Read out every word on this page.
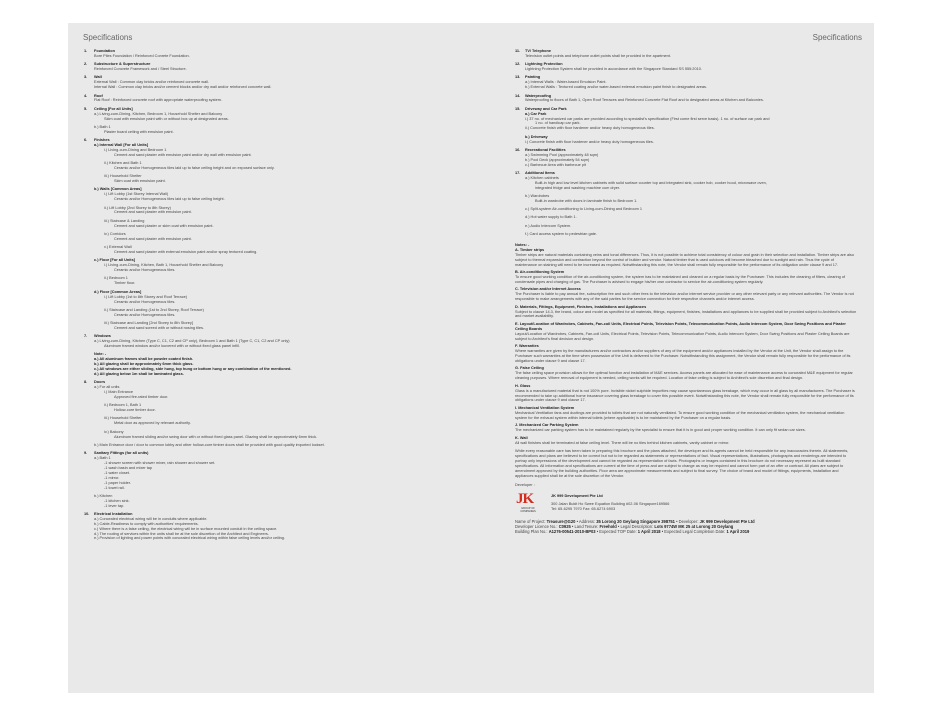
Specifications	Specifications
1. Foundation
Bore Piles Foundation / Reinforced Conrete Foundation.
2. Substructure & Superstructure
Reinforced Concrete Framework and / Steel Structure.
3. Wall
External Wall : Common clay bricks and/or reinforced concrete wall.
Internal Wall : Common clay bricks and/or cement blocks and/or dry wall and/or reinforced concrete wall.
4. Roof
Flat Roof : Reinforced concrete roof with appropriate waterproofing system.
5. Ceiling [For all Units]
a.) Living-cum-Dining, Kitchen, Bedroom 1, Household Shelter and Balcony
Skim coat with emulsion paint with or without box up at designated areas.
b.) Bath 1
Plaster board ceiling with emulsion paint.
6. Finishes
a.) Internal Wall [For all Units]
i.) Living-cum-Dining and Bedroom 1
Cement and sand plaster with emulsion paint and/or dry wall with emulsion paint.
ii.) Kitchen and Bath 1
Ceramic and/or Homogeneous tiles laid up to false ceiling height and on exposed surface only.
iii.) Household Shelter
Skim coat with emulsion paint.
b.) Walls [Common Areas]
i.) Lift Lobby (1st Storey Internal Wall)
Ceramic and/or Homogeneous tiles laid up to false ceiling height.
ii.) Lift Lobby (2nd Storey to 8th Storey)
Cement and sand plaster with emulsion paint.
iii.) Staircase & Landing
Cement and sand plaster or skim coat with emulsion paint.
iv.) Corridors
Cement and sand plaster with emulsion paint.
v.) External Wall
Cement and sand plaster with external emulsion paint and/or spray textured coating.
c.) Floor [For all Units]
i.) Living-cum-Dining, Kitchen, Bath 1, Household Shelter and Balcony
Ceramic and/or Homogeneous tiles.
ii.) Bedroom 1
Timber floor.
d.) Floor [Common Areas]
i.) Lift Lobby (1st to 8th Storey and Roof Terrace)
Ceramic and/or Homogeneous tiles.
ii.) Staircase and Landing (1st to 2nd Storey, Roof Terrace)
Ceramic and/or Homogeneous tiles.
iii.) Staircase and Landing [2nd Storey to 8th Storey]
Cement and sand screed with or without nosing tiles.
7. Windows
a.) Living-cum-Dining, Kitchen (Type C, C1, C2 and CP only), Bedroom 1 and Bath 1 (Type C, C1, C2 and CP only)
Aluminum framed window and/or louvered with or without fixed glass panel infill.
Note: -
a.) All aluminum frames shall be powder coated finish.
b.) All glazing shall be approximately 6mm thick glass.
c.) All windows are either sliding, side hung, top hung or bottom hung or any combination of the mentioned.
d.) All glazing below 1m shall be laminated glass.
8. Doors
a.) For all units
i.) Main Entrance
Approved fire-rated timber door.
ii.) Bedroom 1, Bath 1
Hollow-core timber door.
iii.) Household Shelter
Metal door as approved by relevant authority.
iv.) Balcony
Aluminum framed sliding and/or swing door with or without fixed glass panel. Glazing shall be approximately 6mm thick.
b.) Main Entrance door / door to common lobby and other hollow-core timber doors shall be provided with good quality imported lockset.
9. Sanitary Fittings (for all units)
a.) Bath 1
-1 shower screen with shower mixer, rain shower and shower set.
-1 wash basin and mixer tap
-1 water closet.
-1 mirror.
-1 paper holder.
-1 towel rail.
b.) Kitchen
-1 kitchen sink.
-1 lever tap.
10. Electrical Installation
a.) Concealed electrical wiring will be in conduits where applicable.
b.) Cable-Readiness to comply with authorities' requirements.
c.) Where there is a false ceiling, the electrical wiring will be in surface mounted conduit in the ceiling space.
d.) The routing of services within the units shall be at the sole discretion of the Architect and Engineers.
e.) Provision of lighting and power points with concealed electrical wiring within false ceiling levels and/or ceiling.
11. TV/ Telephone
Television outlet points and telephone outlet points shall be provided in the apartment.
12. Lightning Protection
Lightning Protection System shall be provided in accordance with the Singapore Standard SS 555:2010.
13. Painting
a.) Internal Walls : Water-based Emulsion Paint.
b.) External Walls : Textured coating and/or water-based external emulsion paint finish to designated areas.
14. Waterproofing
Waterproofing to floors of Bath 1, Open Roof Terraces and Reinforced Concrete Flat Roof and to designated areas at Kitchen and Balconies.
15. Driveway and Car Park
a.) Car Park
i.) 37 no. of mechanized car parks are provided according to specialist's specification (First come first serve basis). 1 no. of surface car park and
1 no. of handicap car park.
ii.) Concrete finish with floor hardener and/or heavy duty homogeneous tiles.
b.) Driveway
i.) Concrete finish with floor hardener and/or heavy duty homogeneous tiles.
16. Recreational Facilities
a.) Swimming Pool (approximately 48 sqm)
b.) Pool Deck (approximately 54 sqm)
c.) Barbecue Area with barbecue pit
17. Additional Items
a.) Kitchen cabinets
Built-in high and low level kitchen cabinets with solid surface counter top and integrated sink, cooker hob, cooker hood, microwave oven,
integrated fridge and washing machine cum dryer.
b.) Wardrobes
Built-in wardrobe with doors in laminate finish to Bedroom 1.
c.) Split-system Air-conditioning to Living-cum-Dining and Bedroom 1
d.) Hot water supply to Bath 1.
e.) Audio Intercom System.
f.) Card access system to pedestrian gate.
Notes: -

A. Timber strips
Timber strips are natural materials containing veins and tonal differences. Thus, it is not possible to achieve total consistency of colour and grain in their selection and installation. Timber strips are also subject to thermal expansion and contraction beyond the control of builder and vendor. Natural timber that is used outdoors will become bleached due to sunlight and rain. Thus the cycle of maintenance on staining will need to be increased as required. Notwithstanding this note, the Vendor shall remain fully responsible for the performance of its obligation under clause 9 and 17.

B. Air-conditioning System
To ensure good working condition of the air-conditioning system, the system has to be maintained and cleaned on a regular basis by the Purchaser. This includes the cleaning of filters, clearing of condensate pipes and charging of gas. The Purchaser is advised to engage his/her own contractor to service the air-conditioning system regularly.

C. Television and/or Internet Access
The Purchaser is liable to pay annual fee, subscription fee and such other fees to the television and/or internet service provider or any other relevant party or any relevant authorities. The Vendor is not responsible to make arrangements with any of the said parties for the service connection for their respective channels and/or internet access.

D. Materials, Fittings, Equipment, Finishes, Installations and Appliances
Subject to clause 14.3, the brand, colour and model as specified for all materials, fittings, equipment, finishes, installations and appliances to be supplied shall be provided subject to Architect's selection and market availability.

E. Layout/Location of Wardrobes, Cabinets, Fan-coil Units, Electrical Points, Television Points, Telecommunication Points, Audio Intercom System, Door Swing Positions and Plaster Ceiling Boards
Layout/Location of Wardrobes, Cabinets, Fan-coil Units, Electrical Points, Television Points, Telecommunication Points, Audio Intercom System, Door Swing Positions and Plaster Ceiling Boards are subject to Architect's final decision and design.

F. Warranties
Where warranties are given by the manufacturers and/or contractors and/or suppliers of any of the equipment and/or appliances installed by the Vendor at the Unit, the Vendor shall assign to the Purchaser such warranties at the time when possession of the Unit is delivered to the Purchaser. Notwithstanding this assignment, the Vendor shall remain fully responsible for the performance of its obligations under clause 9 and clause 17.

G. False Ceiling
The false ceiling space provision allows for the optimal function and installation of M&E services. Access panels are allocated for ease of maintenance access to concealed M&E equipment for regular cleaning purposes. Where removal of equipment is needed, ceiling works will be required. Location of false ceiling is subject to Architect's sole discretion and final design.

H. Glass
Glass is a manufactured material that is not 100% pure. Invisible nickel sulphide impurities may cause spontaneous glass breakage, which may occur in all glass by all manufacturers. The Purchaser is recommended to take up additional home insurance covering glass breakage to cover this possible event. Notwithstanding this note, the Vendor shall remain fully responsible for the performance of its obligations under clause 9 and clause 17.

I. Mechanical Ventilation System
Mechanical Ventilation fans and ductings are provided to toilets that are not naturally ventilated. To ensure good working condition of the mechanical ventilation system, the mechanical ventilation system for the exhaust system within internal toilets (where applicable) is to be maintained by the Purchaser on a regular basis.

J. Mechanized Car Parking System
The mechanized car parking system has to be maintained regularly by the specialist to ensure that it is in good and proper working condition. It can only fit sedan car sizes.

K. Wall
All wall finishes shall be terminated at false ceiling level. There will be no tiles behind kitchen cabinets, vanity cabinet or mirror.

While every reasonable care has been taken in preparing this brochure and the plans attached, the developer and its agents cannot be held responsible for any inaccuracies therein. All statements, specifications and plans are believed to be correct but not to be regarded as statements or representations of fact. Visual representations, illustrations, photographs and renderings are intended to portray only impressions of the development and cannot be regarded as representation of facts. Photographs or images contained in this brochure do not necessary represent as built standard specifications. All information and specifications are current at the time of press and are subject to change as may be required and cannot form part of an offer or contract. All plans are subject to amendment approved by the building authorities. Floor area are approximate measurements and subject to final survey. The choice of brand and model of fittings, equipments, installation and appliances supplied shall be at the sole discretion of the Vendor.

Developer :
JK
GROUP OF COMPANIES
JK 999 Development Pte Ltd
300 Jalan Bukit Ho Swee Equation Building #02-06 Singapore169566
Tel: 65-6295 7970 Fax: 65-6274 6903
Name of Project: Treasure@G20 • Address: 35 Lorong 20 Geylang Singapore 398751 • Developer: JK 999 Development Pte Ltd
Developer Licence No.: C0925 • Land Tenure: Freehold • Legal Description: Lots 9774W MK 25 at Lorong 20 Geylang
Building Plan No.: A1276-00541-2010-BP03 • Expected TOP Date: 1 April 2018 • Expected Legal Completion Date: 1 April 2019
